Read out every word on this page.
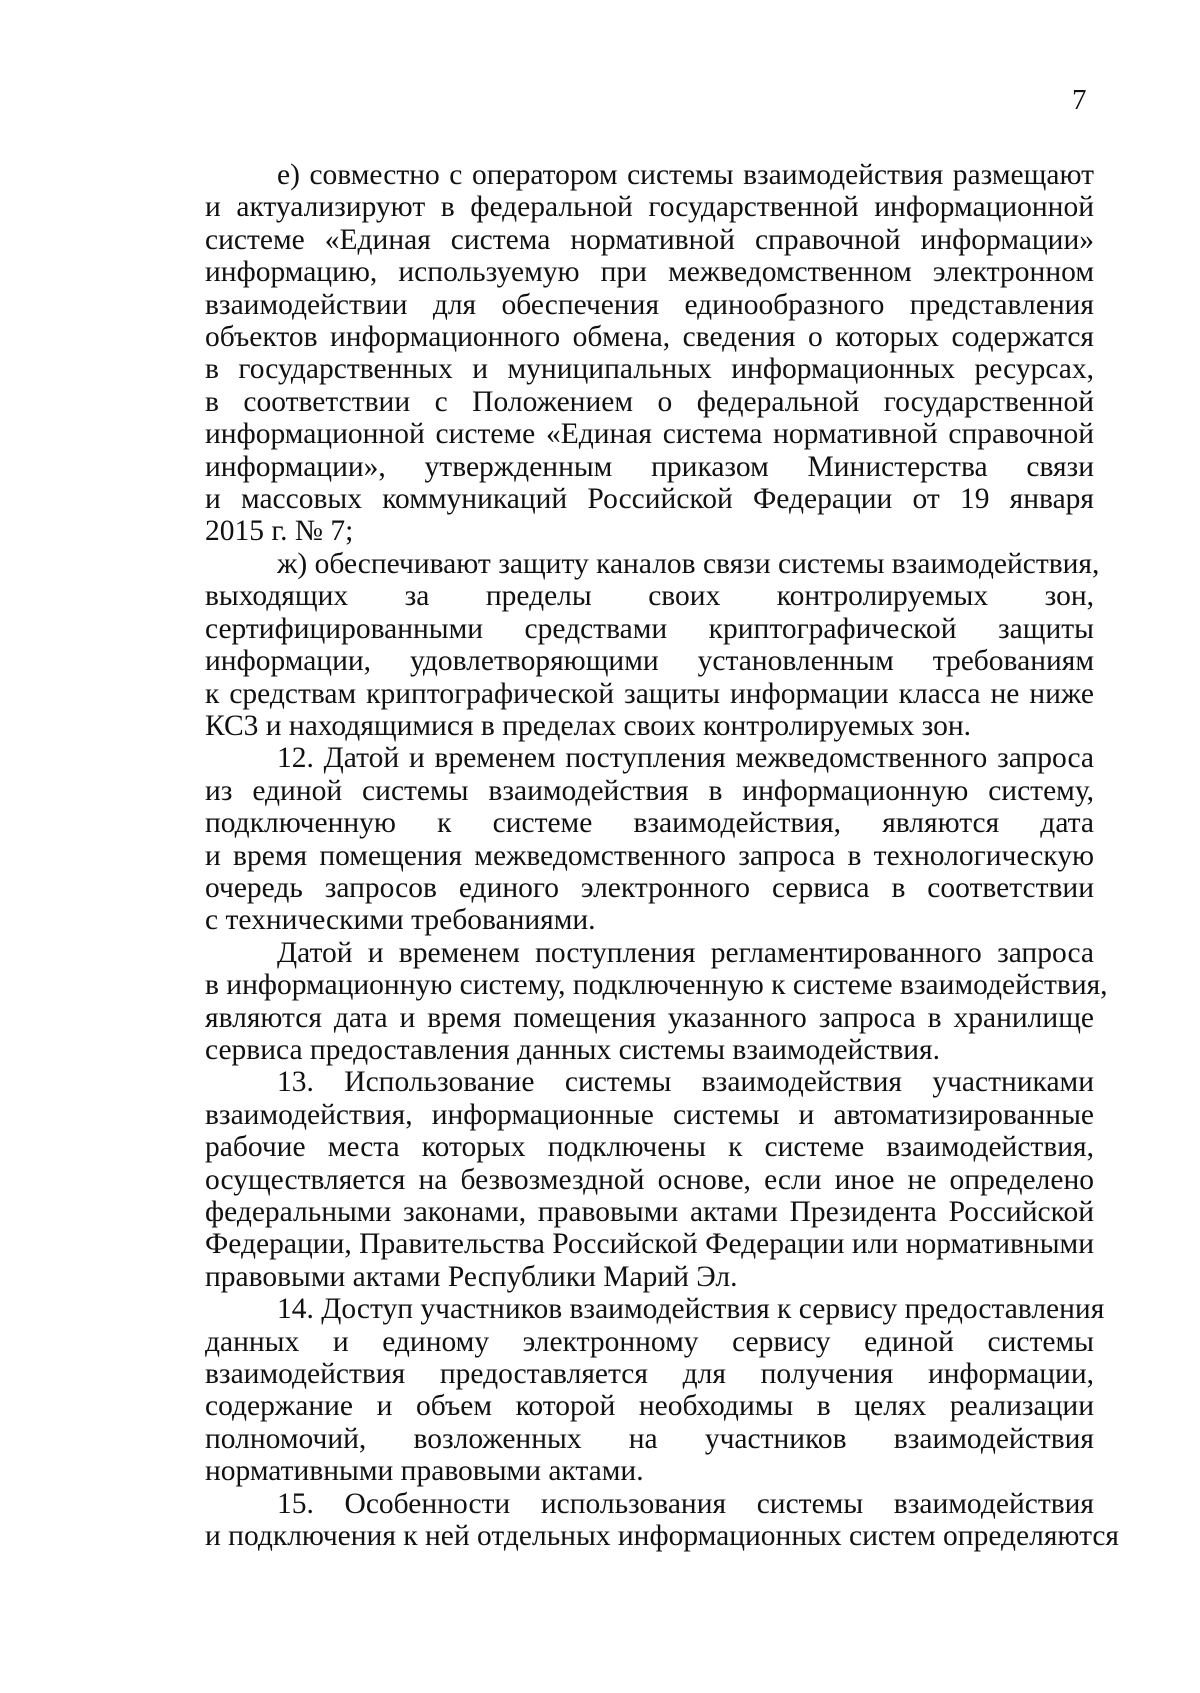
7
е) совместно с оператором системы взаимодействия размещают
и актуализируют в федеральной государственной информационной
системе «Единая система нормативной справочной информации»
информацию, используемую при межведомственном электронном
взаимодействии для обеспечения единообразного представления
объектов информационного обмена, сведения о которых содержатся
в государственных и муниципальных информационных ресурсах,
в соответствии с Положением о федеральной государственной
информационной системе «Единая система нормативной справочной
информации», утвержденным приказом Министерства связи
и массовых коммуникаций Российской Федерации от 19 января
2015 г. № 7;
ж) обеспечивают защиту каналов связи системы взаимодействия,
выходящих за пределы своих контролируемых зон,
сертифицированными средствами криптографической защиты
информации, удовлетворяющими установленным требованиям
к средствам криптографической защиты информации класса не ниже
КС3 и находящимися в пределах своих контролируемых зон.
12. Датой и временем поступления межведомственного запроса
из единой системы взаимодействия в информационную систему,
подключенную к системе взаимодействия, являются дата
и время помещения межведомственного запроса в технологическую
очередь запросов единого электронного сервиса в соответствии
с техническими требованиями.
Датой и временем поступления регламентированного запроса
в информационную систему, подключенную к системе взаимодействия,
являются дата и время помещения указанного запроса в хранилище
сервиса предоставления данных системы взаимодействия.
13. Использование системы взаимодействия участниками
взаимодействия, информационные системы и автоматизированные
рабочие места которых подключены к системе взаимодействия,
осуществляется на безвозмездной основе, если иное не определено
федеральными законами, правовыми актами Президента Российской
Федерации, Правительства Российской Федерации или нормативными
правовыми актами Республики Марий Эл.
14. Доступ участников взаимодействия к сервису предоставления
данных и единому электронному сервису единой системы
взаимодействия предоставляется для получения информации,
содержание и объем которой необходимы в целях реализации
полномочий, возложенных на участников взаимодействия
нормативными правовыми актами.
15. Особенности использования системы взаимодействия
и подключения к ней отдельных информационных систем определяются
